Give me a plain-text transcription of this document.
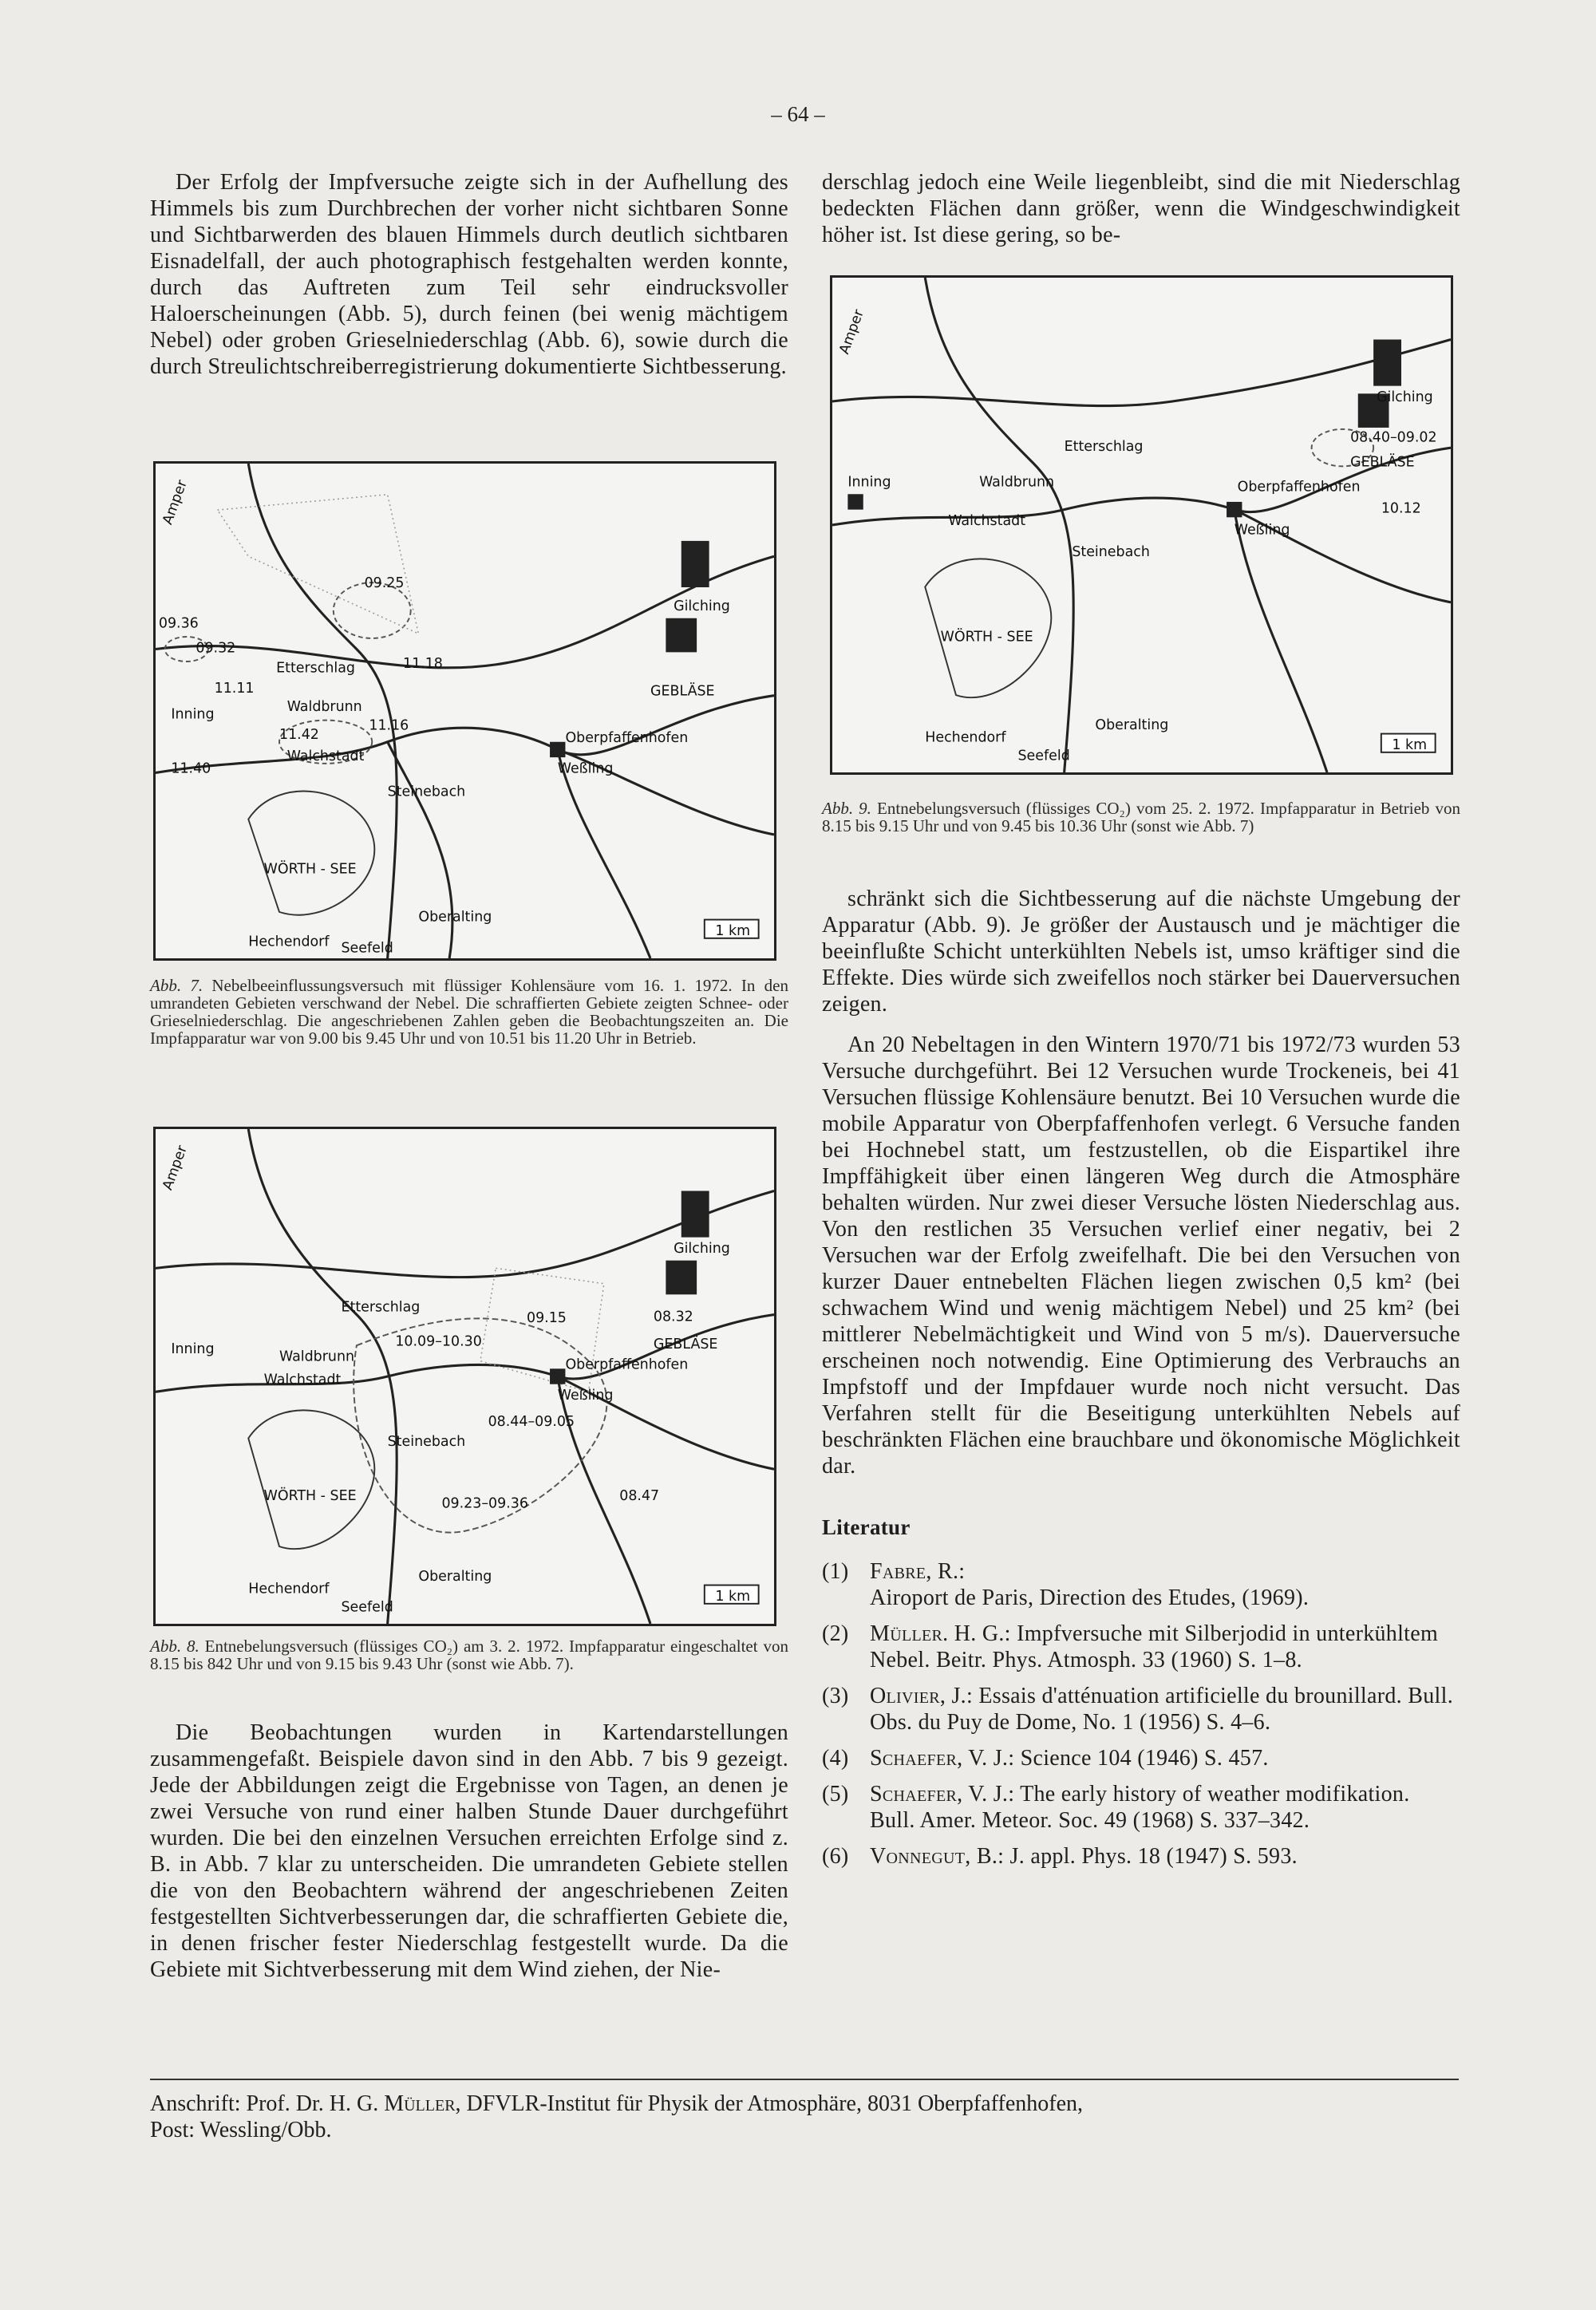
– 64 –

Der Erfolg der Impfversuche zeigte sich in der Aufhellung des Himmels bis zum Durchbrechen der vorher nicht sichtbaren Sonne und Sichtbarwerden des blauen Himmels durch deutlich sichtbaren Eisnadelfall, der auch photographisch festgehalten werden konnte, durch das Auftreten zum Teil sehr eindrucksvoller Haloerscheinungen (Abb. 5), durch feinen (bei wenig mächtigem Nebel) oder groben Grieselniederschlag (Abb. 6), sowie durch die durch Streulichtschreiberregistrierung dokumentierte Sichtbesserung.

09.25
09.32
09.36
11.11
11.18
11.16
11.42
11.40
Inning	Waldbrunn
Walchstadt
Etterschlag
Steinebach
WÖRTH - SEE
Gilching
Oberpfaffenhofen
Weßling
GEBLÄSE
Hechendorf Seefeld
Oberalting
Amper
1 km
Abb. 7. Nebelbeeinflussungsversuch mit flüssiger Kohlensäure vom 16. 1. 1972. In den umrandeten Gebieten verschwand der Nebel. Die schraffierten Gebiete zeigten Schnee- oder Grieselniederschlag. Die angeschriebenen Zahlen geben die Beobachtungszeiten an. Die Impfapparatur war von 9.00 bis 9.45 Uhr und von 10.51 bis 11.20 Uhr in Betrieb.
10.09–10.30
08.32
08.44–09.05
09.23–09.36	08.47
09.15
Inning	Waldbrunn
Walchstadt
Etterschlag
Steinebach
WÖRTH - SEE
Gilching
Oberpfaffenhofen
Weßling
GEBLÄSE
Hechendorf
Seefeld
Oberalting
Amper
1 km
Abb. 8. Entnebelungsversuch (flüssiges CO₂) am 3. 2. 1972. Impfapparatur eingeschaltet von 8.15 bis 842 Uhr und von 9.15 bis 9.43 Uhr (sonst wie Abb. 7).

Die Beobachtungen wurden in Kartendarstellungen zusammengefaßt. Beispiele davon sind in den Abb. 7 bis 9 gezeigt. Jede der Abbildungen zeigt die Ergebnisse von Tagen, an denen je zwei Versuche von rund einer halben Stunde Dauer durchgeführt wurden. Die bei den einzelnen Versuchen erreichten Erfolge sind z. B. in Abb. 7 klar zu unterscheiden. Die umrandeten Gebiete stellen die von den Beobachtern während der angeschriebenen Zeiten festgestellten Sichtverbesserungen dar, die schraffierten Gebiete die, in denen frischer fester Niederschlag festgestellt wurde. Da die Gebiete mit Sichtverbesserung mit dem Wind ziehen, der Nie-

derschlag jedoch eine Weile liegenbleibt, sind die mit Niederschlag bedeckten Flächen dann größer, wenn die Windgeschwindigkeit höher ist. Ist diese gering, so be-

08.40–09.02
10.12
Inning	Waldbrunn
Walchstadt
Etterschlag
Steinebach
WÖRTH - SEE
Gilching
Oberpfaffenhofen
Weßling
GEBLÄSE
Hechendorf
Seefeld
Oberalting
Amper
1 km
Abb. 9. Entnebelungsversuch (flüssiges CO₂) vom 25. 2. 1972. Impfapparatur in Betrieb von 8.15 bis 9.15 Uhr und von 9.45 bis 10.36 Uhr (sonst wie Abb. 7)

schränkt sich die Sichtbesserung auf die nächste Umgebung der Apparatur (Abb. 9). Je größer der Austausch und je mächtiger die beeinflußte Schicht unterkühlten Nebels ist, umso kräftiger sind die Effekte. Dies würde sich zweifellos noch stärker bei Dauerversuchen zeigen.

An 20 Nebeltagen in den Wintern 1970/71 bis 1972/73 wurden 53 Versuche durchgeführt. Bei 12 Versuchen wurde Trockeneis, bei 41 Versuchen flüssige Kohlensäure benutzt. Bei 10 Versuchen wurde die mobile Apparatur von Oberpfaffenhofen verlegt. 6 Versuche fanden bei Hochnebel statt, um festzustellen, ob die Eispartikel ihre Impffähigkeit über einen längeren Weg durch die Atmosphäre behalten würden. Nur zwei dieser Versuche lösten Niederschlag aus. Von den restlichen 35 Versuchen verlief einer negativ, bei 2 Versuchen war der Erfolg zweifelhaft. Die bei den Versuchen von kurzer Dauer entnebelten Flächen liegen zwischen 0,5 km² (bei schwachem Wind und wenig mächtigem Nebel) und 25 km² (bei mittlerer Nebelmächtigkeit und Wind von 5 m/s). Dauerversuche erscheinen noch notwendig. Eine Optimierung des Verbrauchs an Impfstoff und der Impfdauer wurde noch nicht versucht. Das Verfahren stellt für die Beseitigung unterkühlten Nebels auf beschränkten Flächen eine brauchbare und ökonomische Möglichkeit dar.

Literatur
(1) Fabre, R.:
Airoport de Paris, Direction des Etudes, (1969).
(2) Müller. H. G.: Impfversuche mit Silberjodid in unterkühltem Nebel. Beitr. Phys. Atmosph. 33 (1960) S. 1–8.
(3) Olivier, J.: Essais d'atténuation artificielle du brounillard. Bull. Obs. du Puy de Dome, No. 1 (1956) S. 4–6.
(4) Schaefer, V. J.: Science 104 (1946) S. 457.
(5) Schaefer, V. J.: The early history of weather modifikation. Bull. Amer. Meteor. Soc. 49 (1968) S. 337–342.
(6) Vonnegut, B.: J. appl. Phys. 18 (1947) S. 593.
Anschrift: Prof. Dr. H. G. Müller, DFVLR-Institut für Physik der Atmosphäre, 8031 Oberpfaffenhofen,
Post: Wessling/Obb.
